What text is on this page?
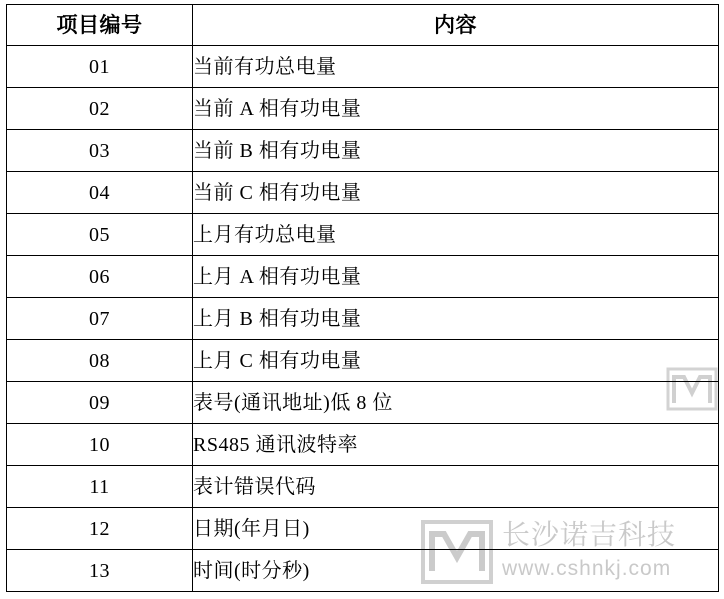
项目编号	内容
01	当前有功总电量
02	当前 A 相有功电量
03	当前 B 相有功电量
04	当前 C 相有功电量
05	上月有功总电量
06	上月 A 相有功电量
07	上月 B 相有功电量
08	上月 C 相有功电量
09	表号(通讯地址)低 8 位
10	RS485 通讯波特率
11	表计错误代码
12	日期(年月日)
13	时间(时分秒)
长沙诺吉科技
www.cshnkj.com
